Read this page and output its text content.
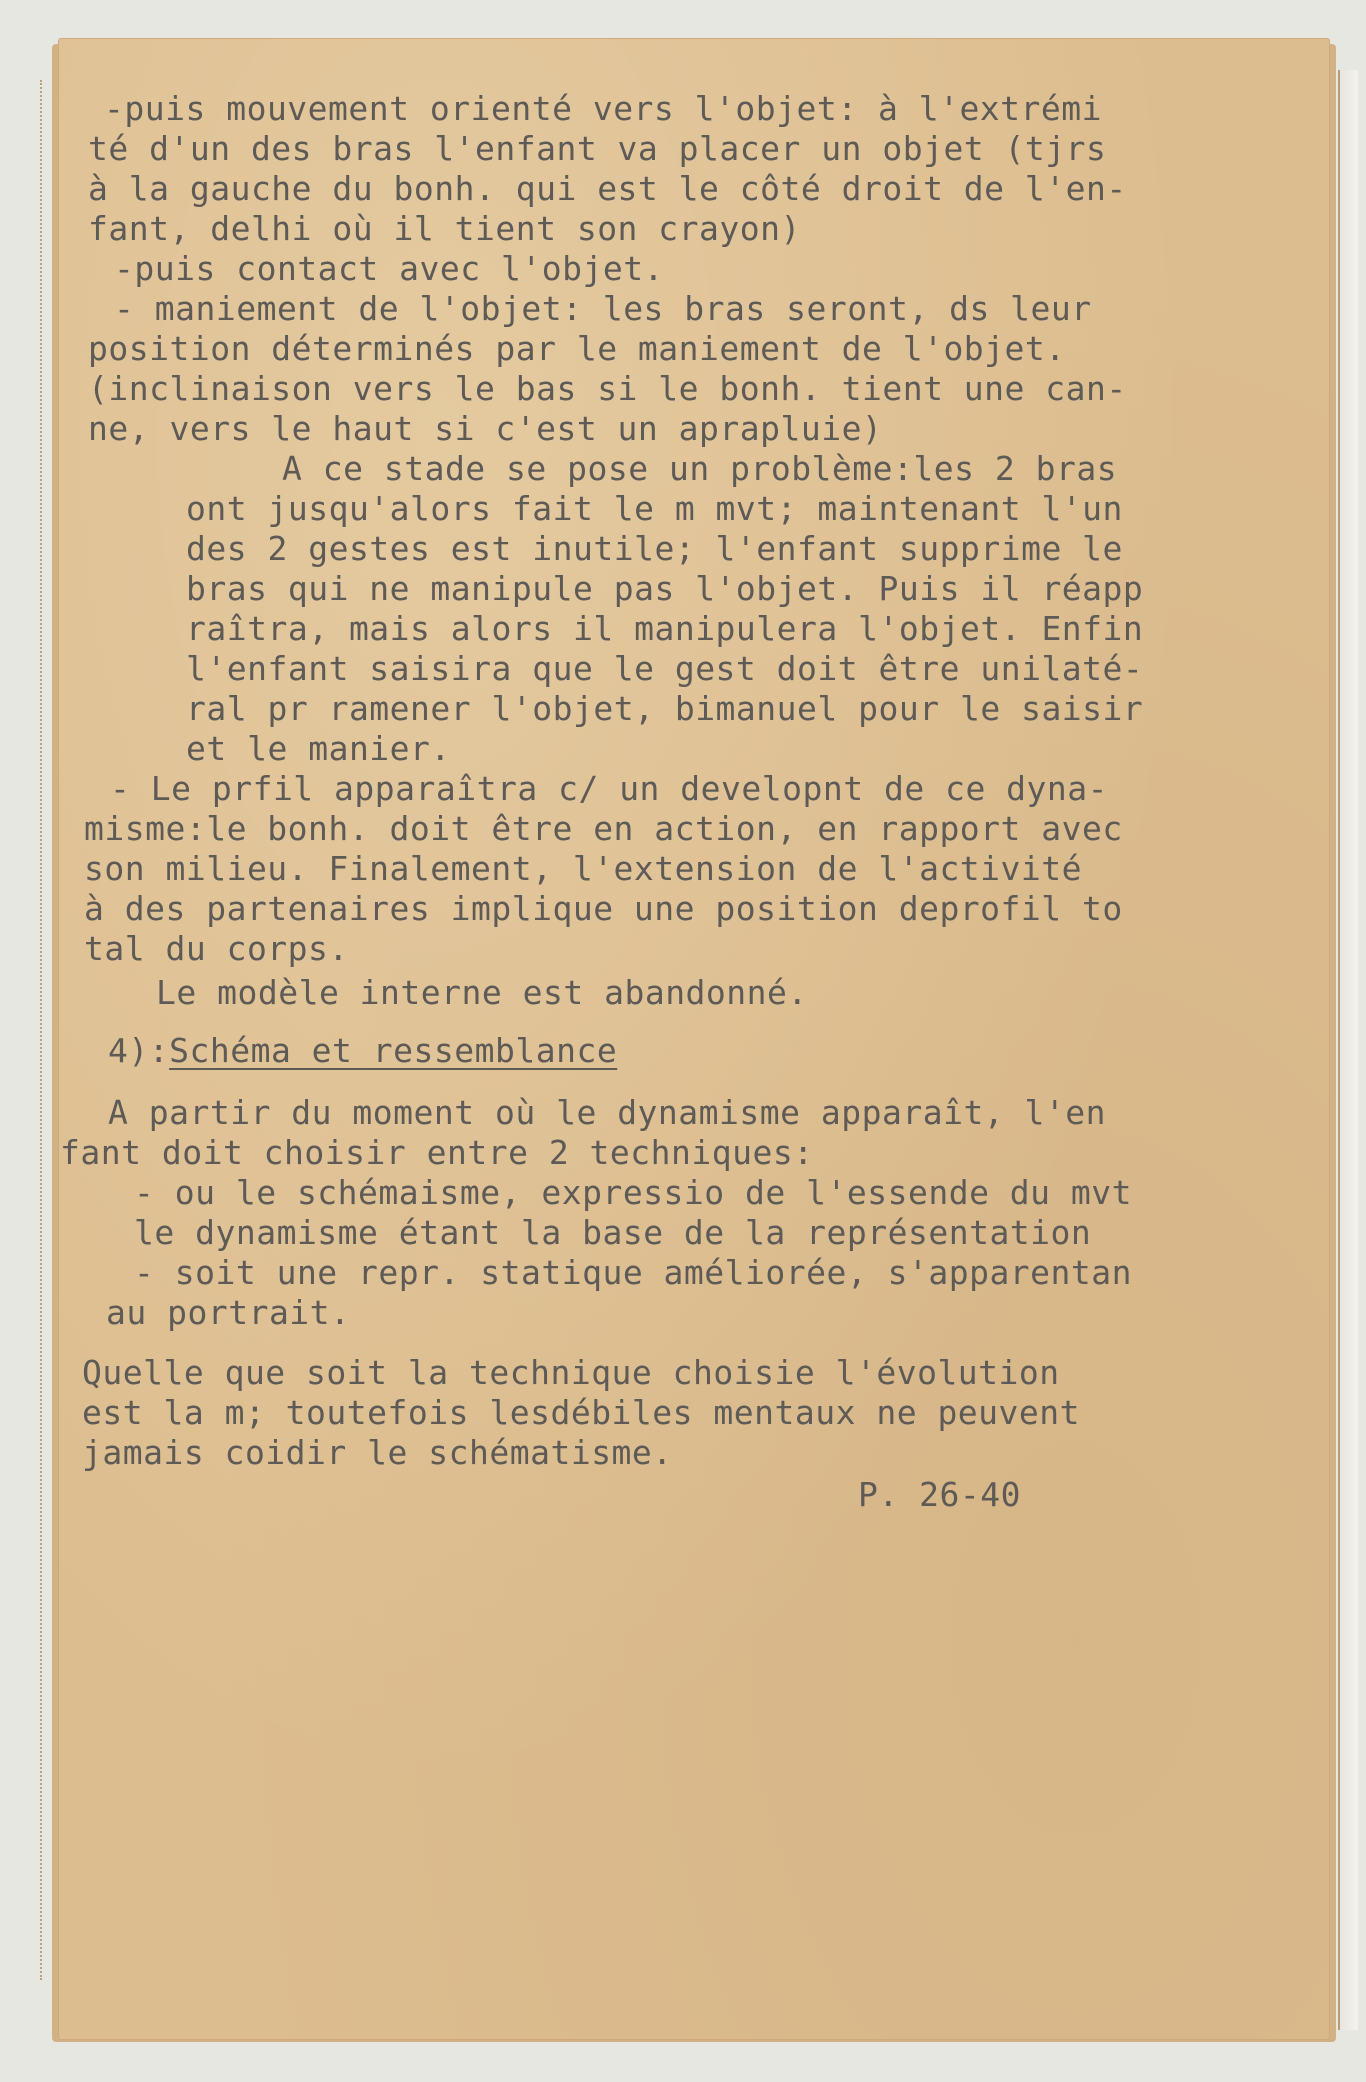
-puis mouvement orienté vers l'objet: à l'extrémi
té d'un des bras l'enfant va placer un objet (tjrs
à la gauche du bonh. qui est le côté droit de l'en-
fant, delhi où il tient son crayon)
-puis contact avec l'objet.
- maniement de l'objet: les bras seront, ds leur
position déterminés par le maniement de l'objet.
(inclinaison vers le bas si le bonh. tient une can-
ne, vers le haut si c'est un aprapluie)
A ce stade se pose un problème:les 2 bras
ont jusqu'alors fait le m mvt; maintenant l'un
des 2 gestes est inutile; l'enfant supprime le
bras qui ne manipule pas l'objet. Puis il réapp
raîtra, mais alors il manipulera l'objet. Enfin
l'enfant saisira que le gest doit être unilaté-
ral pr ramener l'objet, bimanuel pour le saisir
et le manier.
- Le prfil apparaîtra c/ un developnt de ce dyna-
misme:le bonh. doit être en action, en rapport avec
son milieu. Finalement, l'extension de l'activité
à des partenaires implique une position deprofil to
tal du corps.
Le modèle interne est abandonné.
4):Schéma et ressemblance
A partir du moment où le dynamisme apparaît, l'en
fant doit choisir entre 2 techniques:
- ou le schémaisme, expressio de l'essende du mvt
le dynamisme étant la base de la représentation
- soit une repr. statique améliorée, s'apparentan
au portrait.
Quelle que soit la technique choisie l'évolution
est la m; toutefois lesdébiles mentaux ne peuvent
jamais coidir le schématisme.
P. 26-40
